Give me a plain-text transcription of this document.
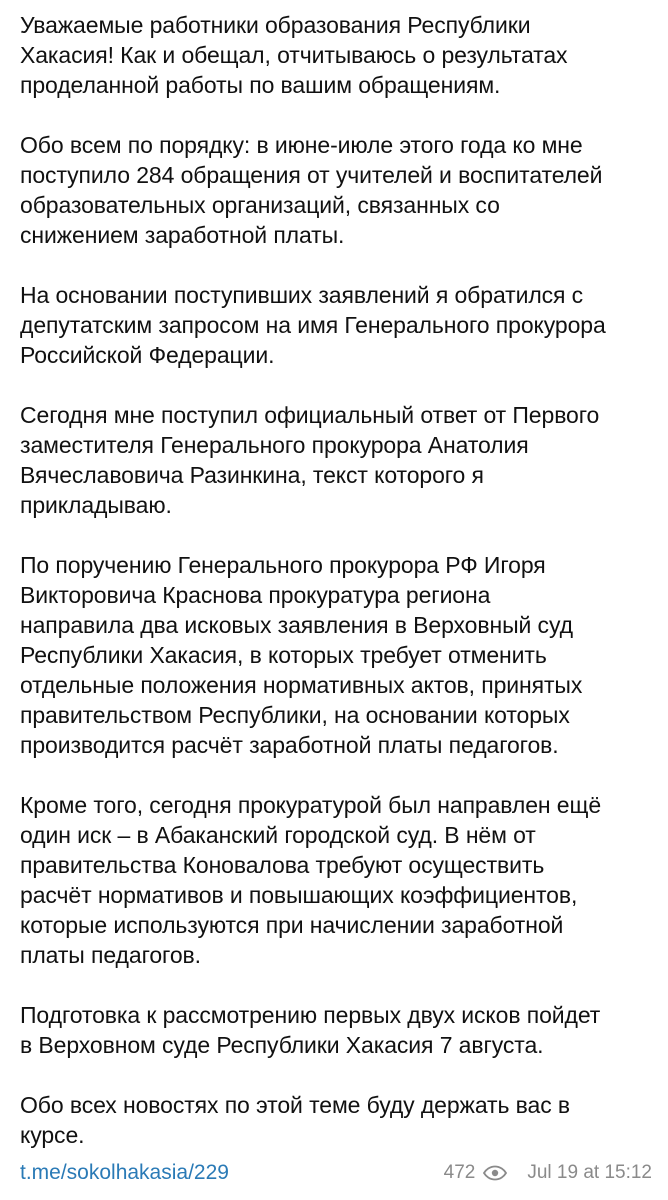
Уважаемые работники образования Республики
Хакасия! Как и обещал, отчитываюсь о результатах
проделанной работы по вашим обращениям.

Обо всем по порядку: в июне-июле этого года ко мне
поступило 284 обращения от учителей и воспитателей
образовательных организаций, связанных со
снижением заработной платы.

На основании поступивших заявлений я обратился с
депутатским запросом на имя Генерального прокурора
Российской Федерации.

Сегодня мне поступил официальный ответ от Первого
заместителя Генерального прокурора Анатолия
Вячеславовича Разинкина, текст которого я
прикладываю.

По поручению Генерального прокурора РФ Игоря
Викторовича Краснова прокуратура региона
направила два исковых заявления в Верховный суд
Республики Хакасия, в которых требует отменить
отдельные положения нормативных актов, принятых
правительством Республики, на основании которых
производится расчёт заработной платы педагогов.

Кроме того, сегодня прокуратурой был направлен ещё
один иск – в Абаканский городской суд. В нём от
правительства Коновалова требуют осуществить
расчёт нормативов и повышающих коэффициентов,
которые используются при начислении заработной
платы педагогов.

Подготовка к рассмотрению первых двух исков пойдет
в Верховном суде Республики Хакасия 7 августа.

Обо всех новостях по этой теме буду держать вас в
курсе.

t.me/sokolhakasia/229	472	Jul 19 at 15:12
